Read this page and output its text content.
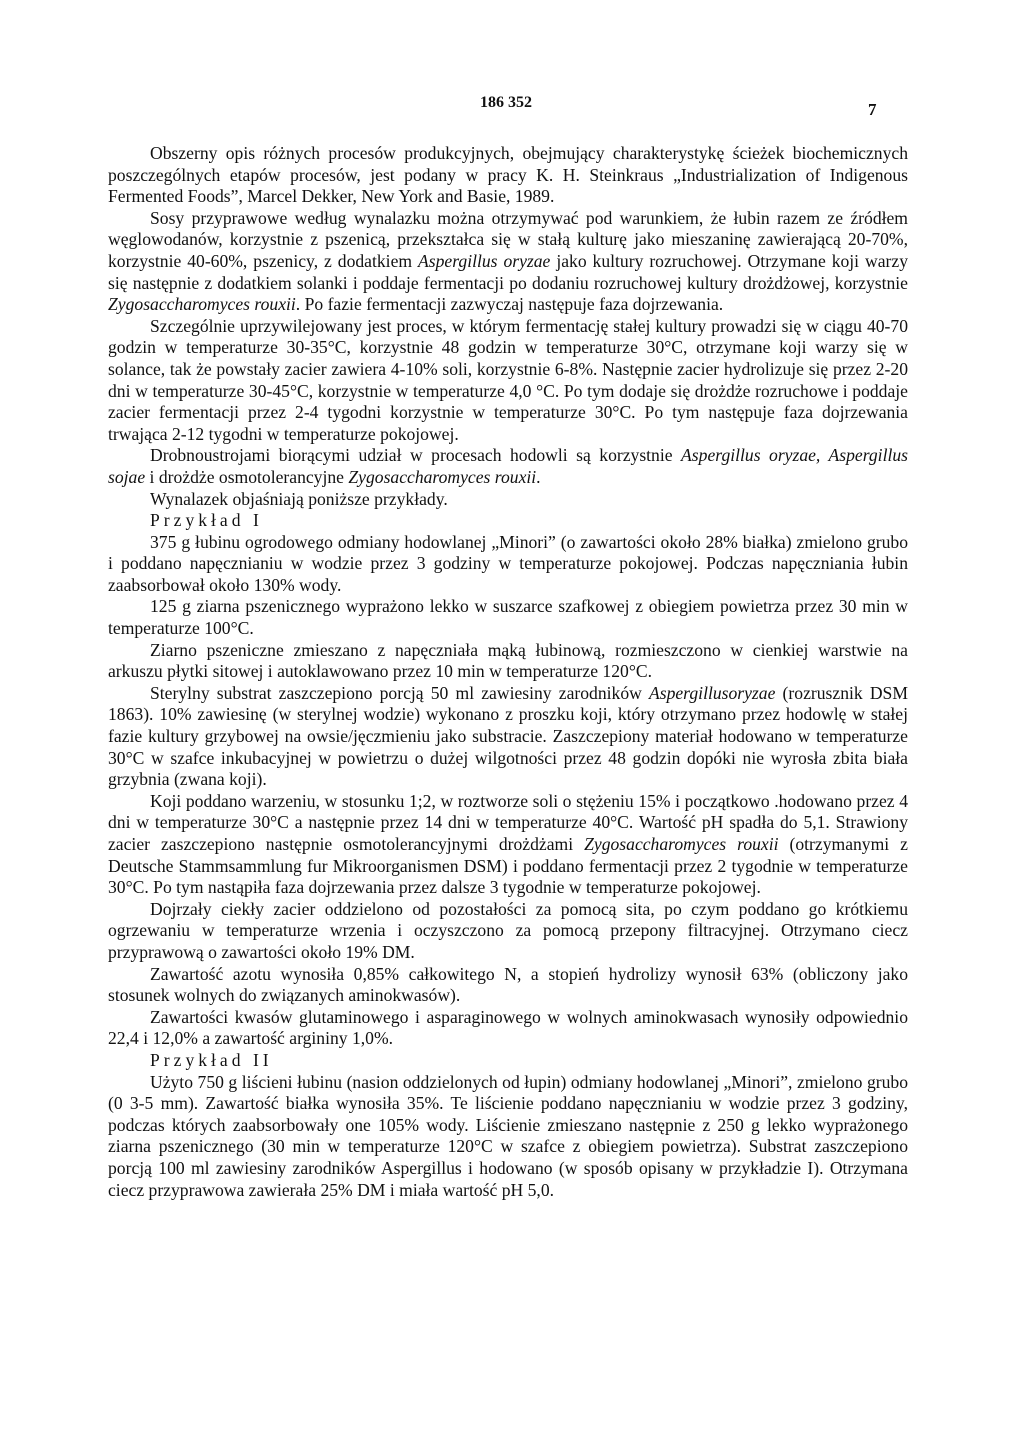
186 352	7

Obszerny opis różnych procesów produkcyjnych, obejmujący charakterystykę ścieżek biochemicznych poszczególnych etapów procesów, jest podany w pracy K. H. Steinkraus „Industrialization of Indigenous Fermented Foods”, Marcel Dekker, New York and Basie, 1989.

Sosy przyprawowe według wynalazku można otrzymywać pod warunkiem, że łubin razem ze źródłem węglowodanów, korzystnie z pszenicą, przekształca się w stałą kulturę jako mieszaninę zawierającą 20-70%, korzystnie 40-60%, pszenicy, z dodatkiem Aspergillus oryzae jako kultury rozruchowej. Otrzymane koji warzy się następnie z dodatkiem solanki i poddaje fermentacji po dodaniu rozruchowej kultury drożdżowej, korzystnie Zygosaccharomyces rouxii. Po fazie fermentacji zazwyczaj następuje faza dojrzewania.

Szczególnie uprzywilejowany jest proces, w którym fermentację stałej kultury prowadzi się w ciągu 40-70 godzin w temperaturze 30-35°C, korzystnie 48 godzin w temperaturze 30°C, otrzymane koji warzy się w solance, tak że powstały zacier zawiera 4-10% soli, korzystnie 6-8%. Następnie zacier hydrolizuje się przez 2-20 dni w temperaturze 30-45°C, korzystnie w temperaturze 4,0 °C. Po tym dodaje się drożdże rozruchowe i poddaje zacier fermentacji przez 2-4 tygodni korzystnie w temperaturze 30°C. Po tym następuje faza dojrzewania trwająca 2-12 tygodni w temperaturze pokojowej.

Drobnoustrojami biorącymi udział w procesach hodowli są korzystnie Aspergillus oryzae, Aspergillus sojae i drożdże osmotolerancyjne Zygosaccharomyces rouxii.

Wynalazek objaśniają poniższe przykłady.

Przykład I

375 g łubinu ogrodowego odmiany hodowlanej „Minori” (o zawartości około 28% białka) zmielono grubo i poddano napęcznianiu w wodzie przez 3 godziny w temperaturze pokojowej. Podczas napęczniania łubin zaabsorbował około 130% wody.

125 g ziarna pszenicznego wyprażono lekko w suszarce szafkowej z obiegiem powietrza przez 30 min w temperaturze 100°C.

Ziarno pszeniczne zmieszano z napęczniała mąką łubinową, rozmieszczono w cienkiej warstwie na arkuszu płytki sitowej i autoklawowano przez 10 min w temperaturze 120°C.

Sterylny substrat zaszczepiono porcją 50 ml zawiesiny zarodników Aspergillusoryzae (rozrusznik DSM 1863). 10% zawiesinę (w sterylnej wodzie) wykonano z proszku koji, który otrzymano przez hodowlę w stałej fazie kultury grzybowej na owsie/jęczmieniu jako substracie. Zaszczepiony materiał hodowano w temperaturze 30°C w szafce inkubacyjnej w powietrzu o dużej wilgotności przez 48 godzin dopóki nie wyrosła zbita biała grzybnia (zwana koji).

Koji poddano warzeniu, w stosunku 1;2, w roztworze soli o stężeniu 15% i początkowo .hodowano przez 4 dni w temperaturze 30°C a następnie przez 14 dni w temperaturze 40°C. Wartość pH spadła do 5,1. Strawiony zacier zaszczepiono następnie osmotolerancyjnymi drożdżami Zygosaccharomyces rouxii (otrzymanymi z Deutsche Stammsammlung fur Mikroorganismen DSM) i poddano fermentacji przez 2 tygodnie w temperaturze 30°C. Po tym nastąpiła faza dojrzewania przez dalsze 3 tygodnie w temperaturze pokojowej.

Dojrzały ciekły zacier oddzielono od pozostałości za pomocą sita, po czym poddano go krótkiemu ogrzewaniu w temperaturze wrzenia i oczyszczono za pomocą przepony filtracyjnej. Otrzymano ciecz przyprawową o zawartości około 19% DM.

Zawartość azotu wynosiła 0,85% całkowitego N, a stopień hydrolizy wynosił 63% (obliczony jako stosunek wolnych do związanych aminokwasów).

Zawartości kwasów glutaminowego i asparaginowego w wolnych aminokwasach wynosiły odpowiednio 22,4 i 12,0% a zawartość argininy 1,0%.

Przykład II

Użyto 750 g liścieni łubinu (nasion oddzielonych od łupin) odmiany hodowlanej „Minori”, zmielono grubo (0 3-5 mm). Zawartość białka wynosiła 35%. Te liścienie poddano napęcznianiu w wodzie przez 3 godziny, podczas których zaabsorbowały one 105% wody. Liścienie zmieszano następnie z 250 g lekko wyprażonego ziarna pszenicznego (30 min w temperaturze 120°C w szafce z obiegiem powietrza). Substrat zaszczepiono porcją 100 ml zawiesiny zarodników Aspergillus i hodowano (w sposób opisany w przykładzie I). Otrzymana ciecz przyprawowa zawierała 25% DM i miała wartość pH 5,0.
